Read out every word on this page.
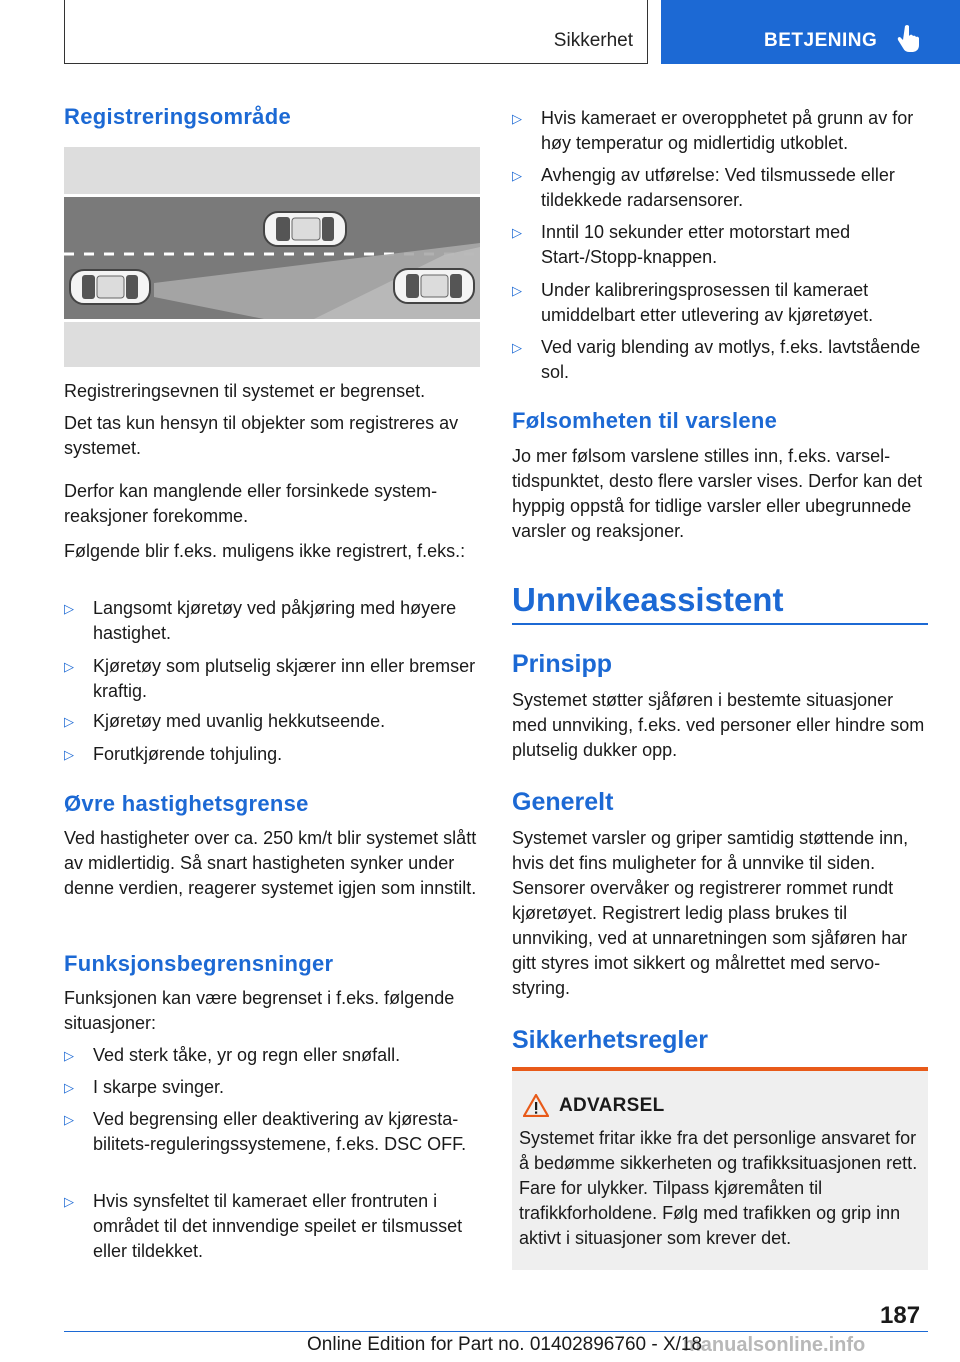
Sikkerhet	BETJENING
Registreringsområde

Registreringsevnen til systemet er begrenset.

Det tas kun hensyn til objekter som registreres av systemet.

Derfor kan manglende eller forsinkede systemreaksjoner forekomme.

Følgende blir f.eks. muligens ikke registrert, f.eks.:

▷ Langsomt kjøretøy ved påkjøring med høyere hastighet.
▷ Kjøretøy som plutselig skjærer inn eller bremser kraftig.
▷ Kjøretøy med uvanlig hekkutseende.
▷ Forutkjørende tohjuling.
Øvre hastighetsgrense

Ved hastigheter over ca. 250 km/t blir systemet slått av midlertidig. Så snart hastigheten synker under denne verdien, reagerer systemet igjen som innstilt.

Funksjonsbegrensninger

Funksjonen kan være begrenset i f.eks. følgende situasjoner:

▷ Ved sterk tåke, yr og regn eller snøfall.
▷ I skarpe svinger.
▷ Ved begrensing eller deaktivering av kjørestabilitets-reguleringssystemene, f.eks. DSC OFF.
▷ Hvis synsfeltet til kameraet eller frontruten i området til det innvendige speilet er tilsmusset eller tildekket.
▷ Hvis kameraet er overopphetet på grunn av for høy temperatur og midlertidig utkoblet.
▷ Avhengig av utførelse: Ved tilsmussede eller tildekkede radarsensorer.
▷ Inntil 10 sekunder etter motorstart med Start-/Stopp-knappen.
▷ Under kalibreringsprosessen til kameraet umiddelbart etter utlevering av kjøretøyet.
▷ Ved varig blending av motlys, f.eks. lavtstående sol.
Følsomheten til varslene

Jo mer følsom varslene stilles inn, f.eks. varseltidspunktet, desto flere varsler vises. Derfor kan det hyppig oppstå for tidlige varsler eller ubegrunnede varsler og reaksjoner.

Unnvikeassistent
Prinsipp

Systemet støtter sjåføren i bestemte situasjoner med unnviking, f.eks. ved personer eller hindre som plutselig dukker opp.

Generelt

Systemet varsler og griper samtidig støttende inn, hvis det fins muligheter for å unnvike til siden. Sensorer overvåker og registrerer rommet rundt kjøretøyet. Registrert ledig plass brukes til unnviking, ved at unnaretningen som sjåføren har gitt styres imot sikkert og målrettet med servostyring.

Sikkerhetsregler
ADVARSEL
Systemet fritar ikke fra det personlige ansvaret for å bedømme sikkerheten og trafikksituasjonen rett. Fare for ulykker. Tilpass kjøremåten til trafikkforholdene. Følg med trafikken og grip inn aktivt i situasjoner som krever det.
187
manualsonline.info
Online Edition for Part no. 01402896760 - X/18
